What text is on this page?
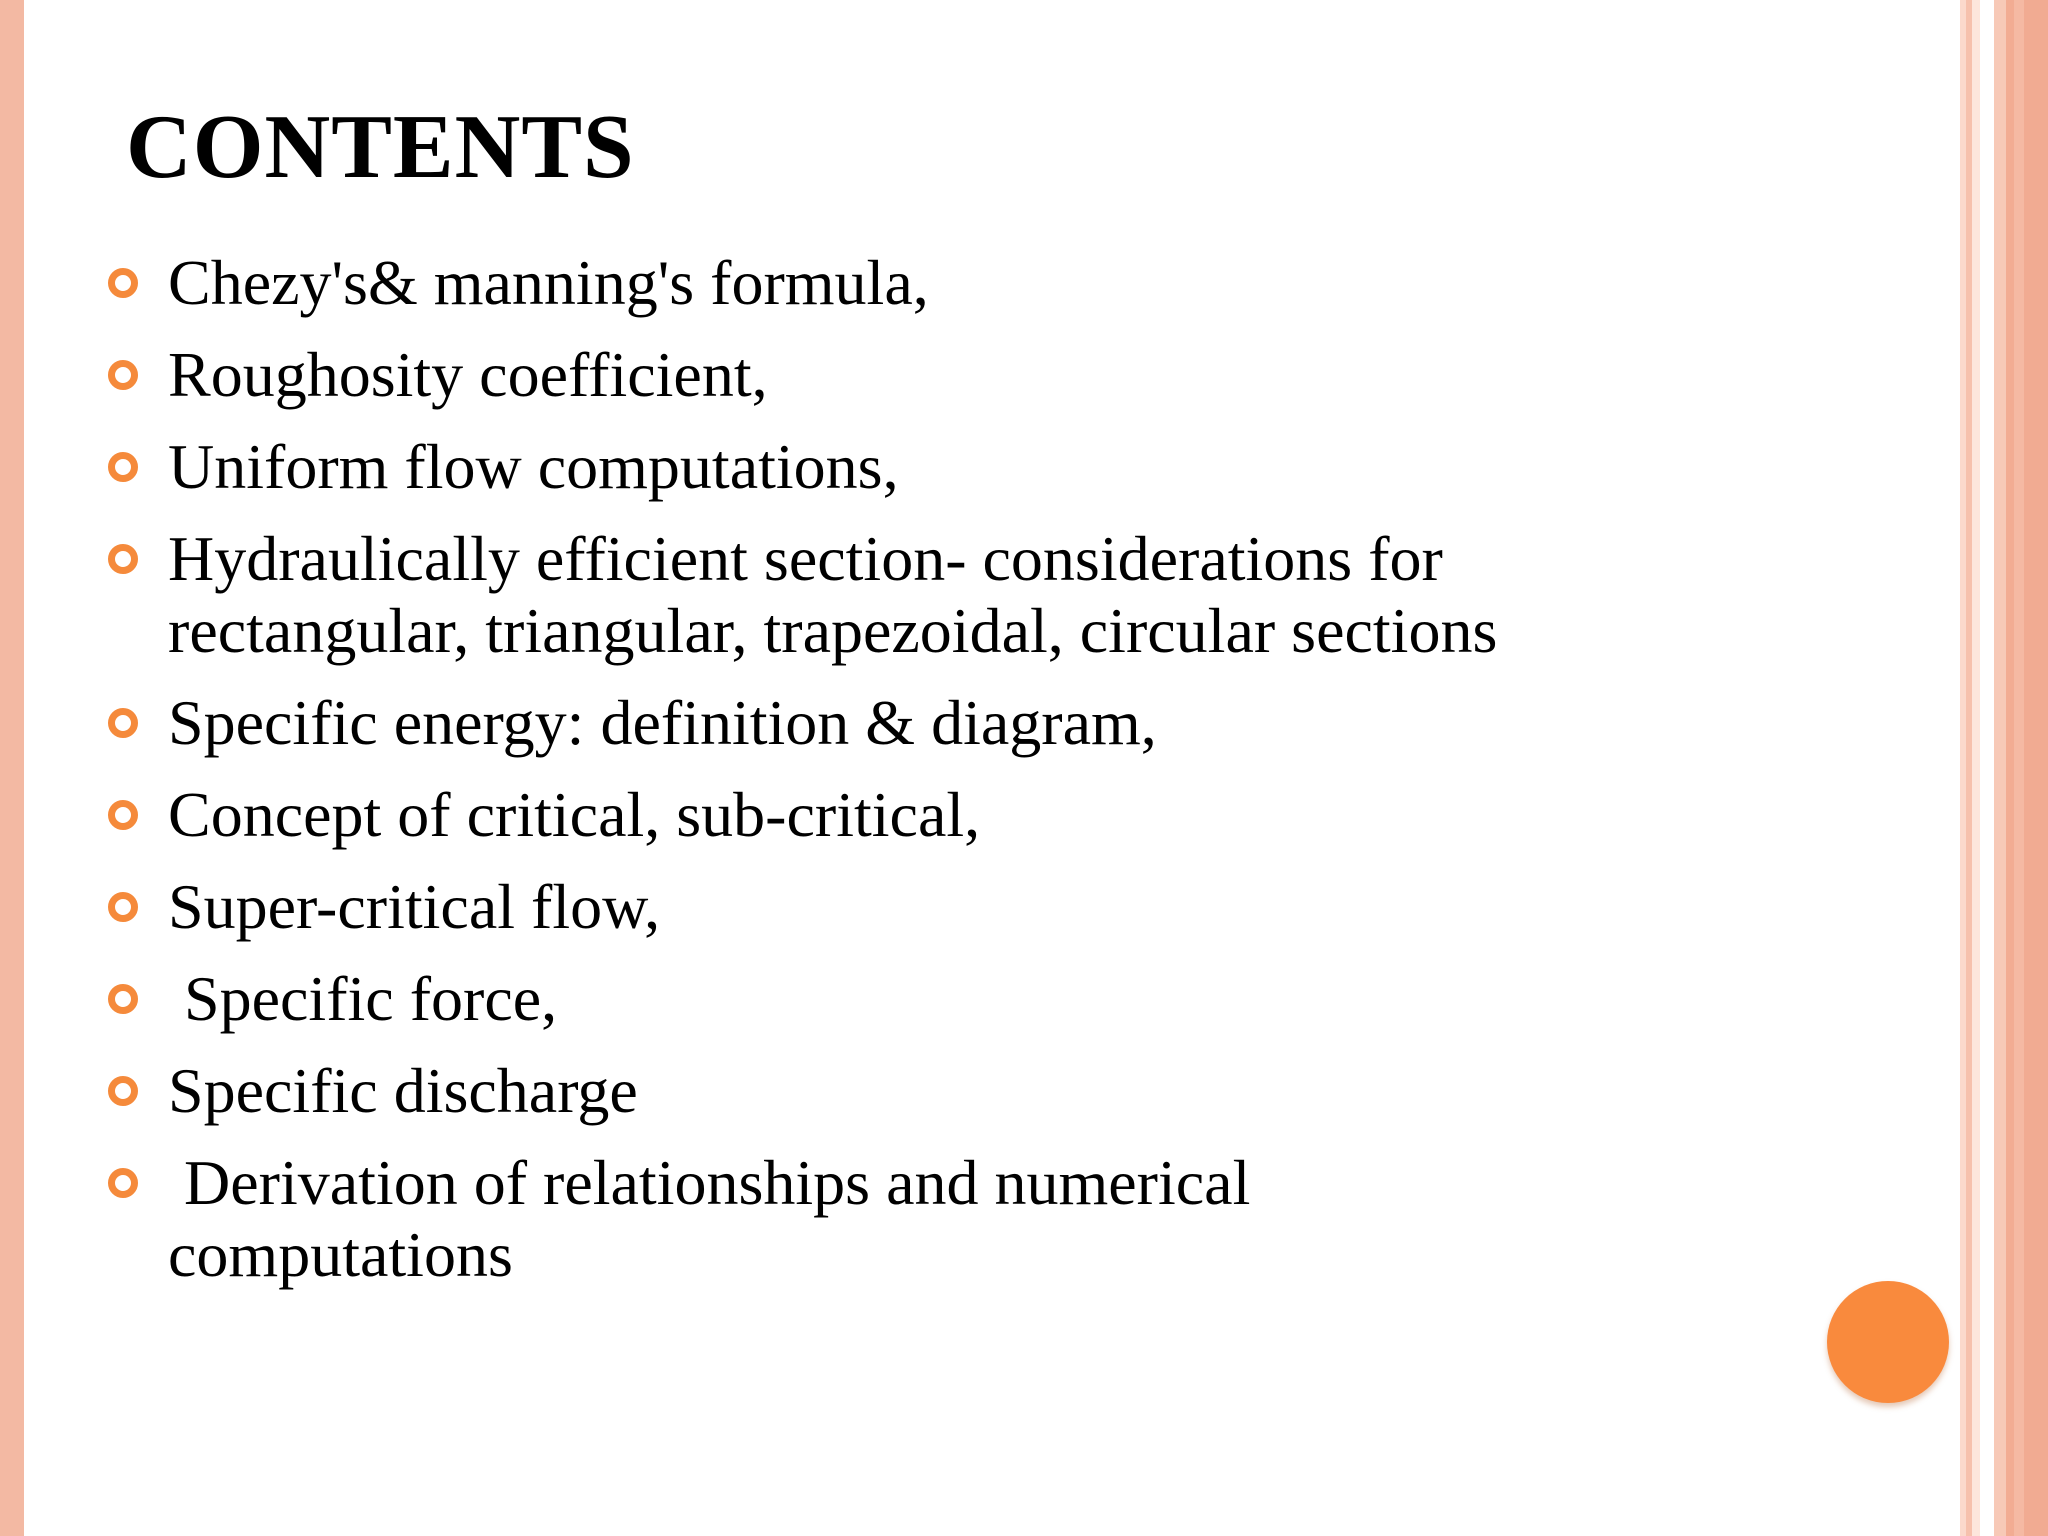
CONTENTS
Chezy's& manning's formula,
Roughosity coefficient,
Uniform flow computations,
Hydraulically efficient section- considerations for
rectangular, triangular, trapezoidal, circular sections
Specific energy: definition & diagram,
Concept of critical, sub-critical,
Super-critical flow,
Specific force,
Specific discharge
Derivation of relationships and numerical
computations
